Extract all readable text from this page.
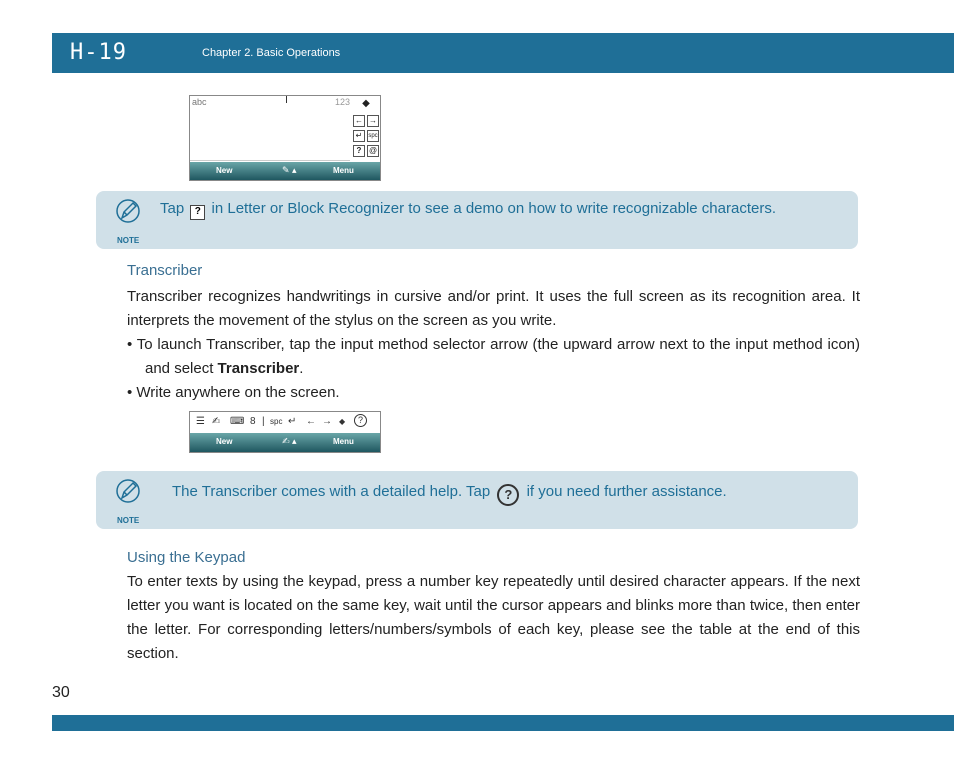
H-19	Chapter 2. Basic Operations
abc	123 ◆
← →
↵ spc
? @
New	✎ ▴	Menu
NOTE
Tap ? in Letter or Block Recognizer to see a demo on how to write recognizable characters.
Transcriber
Transcriber recognizes handwritings in cursive and/or print. It uses the full screen as its recognition area. It interprets the movement of the stylus on the screen as you write.
• To launch Transcriber, tap the input method selector arrow (the upward arrow next to the input method icon) and select Transcriber.
• Write anywhere on the screen.
☰ ✍ ⌨ 8 | spc ↵ ← → ◆	?
New	✍ ▴	Menu
NOTE
The Transcriber comes with a detailed help. Tap ? if you need further assistance.
Using the Keypad
To enter texts by using the keypad, press a number key repeatedly until desired character appears. If the next letter you want is located on the same key, wait until the cursor appears and blinks more than twice, then enter the letter. For corresponding letters/numbers/symbols of each key, please see the table at the end of this section.
30
